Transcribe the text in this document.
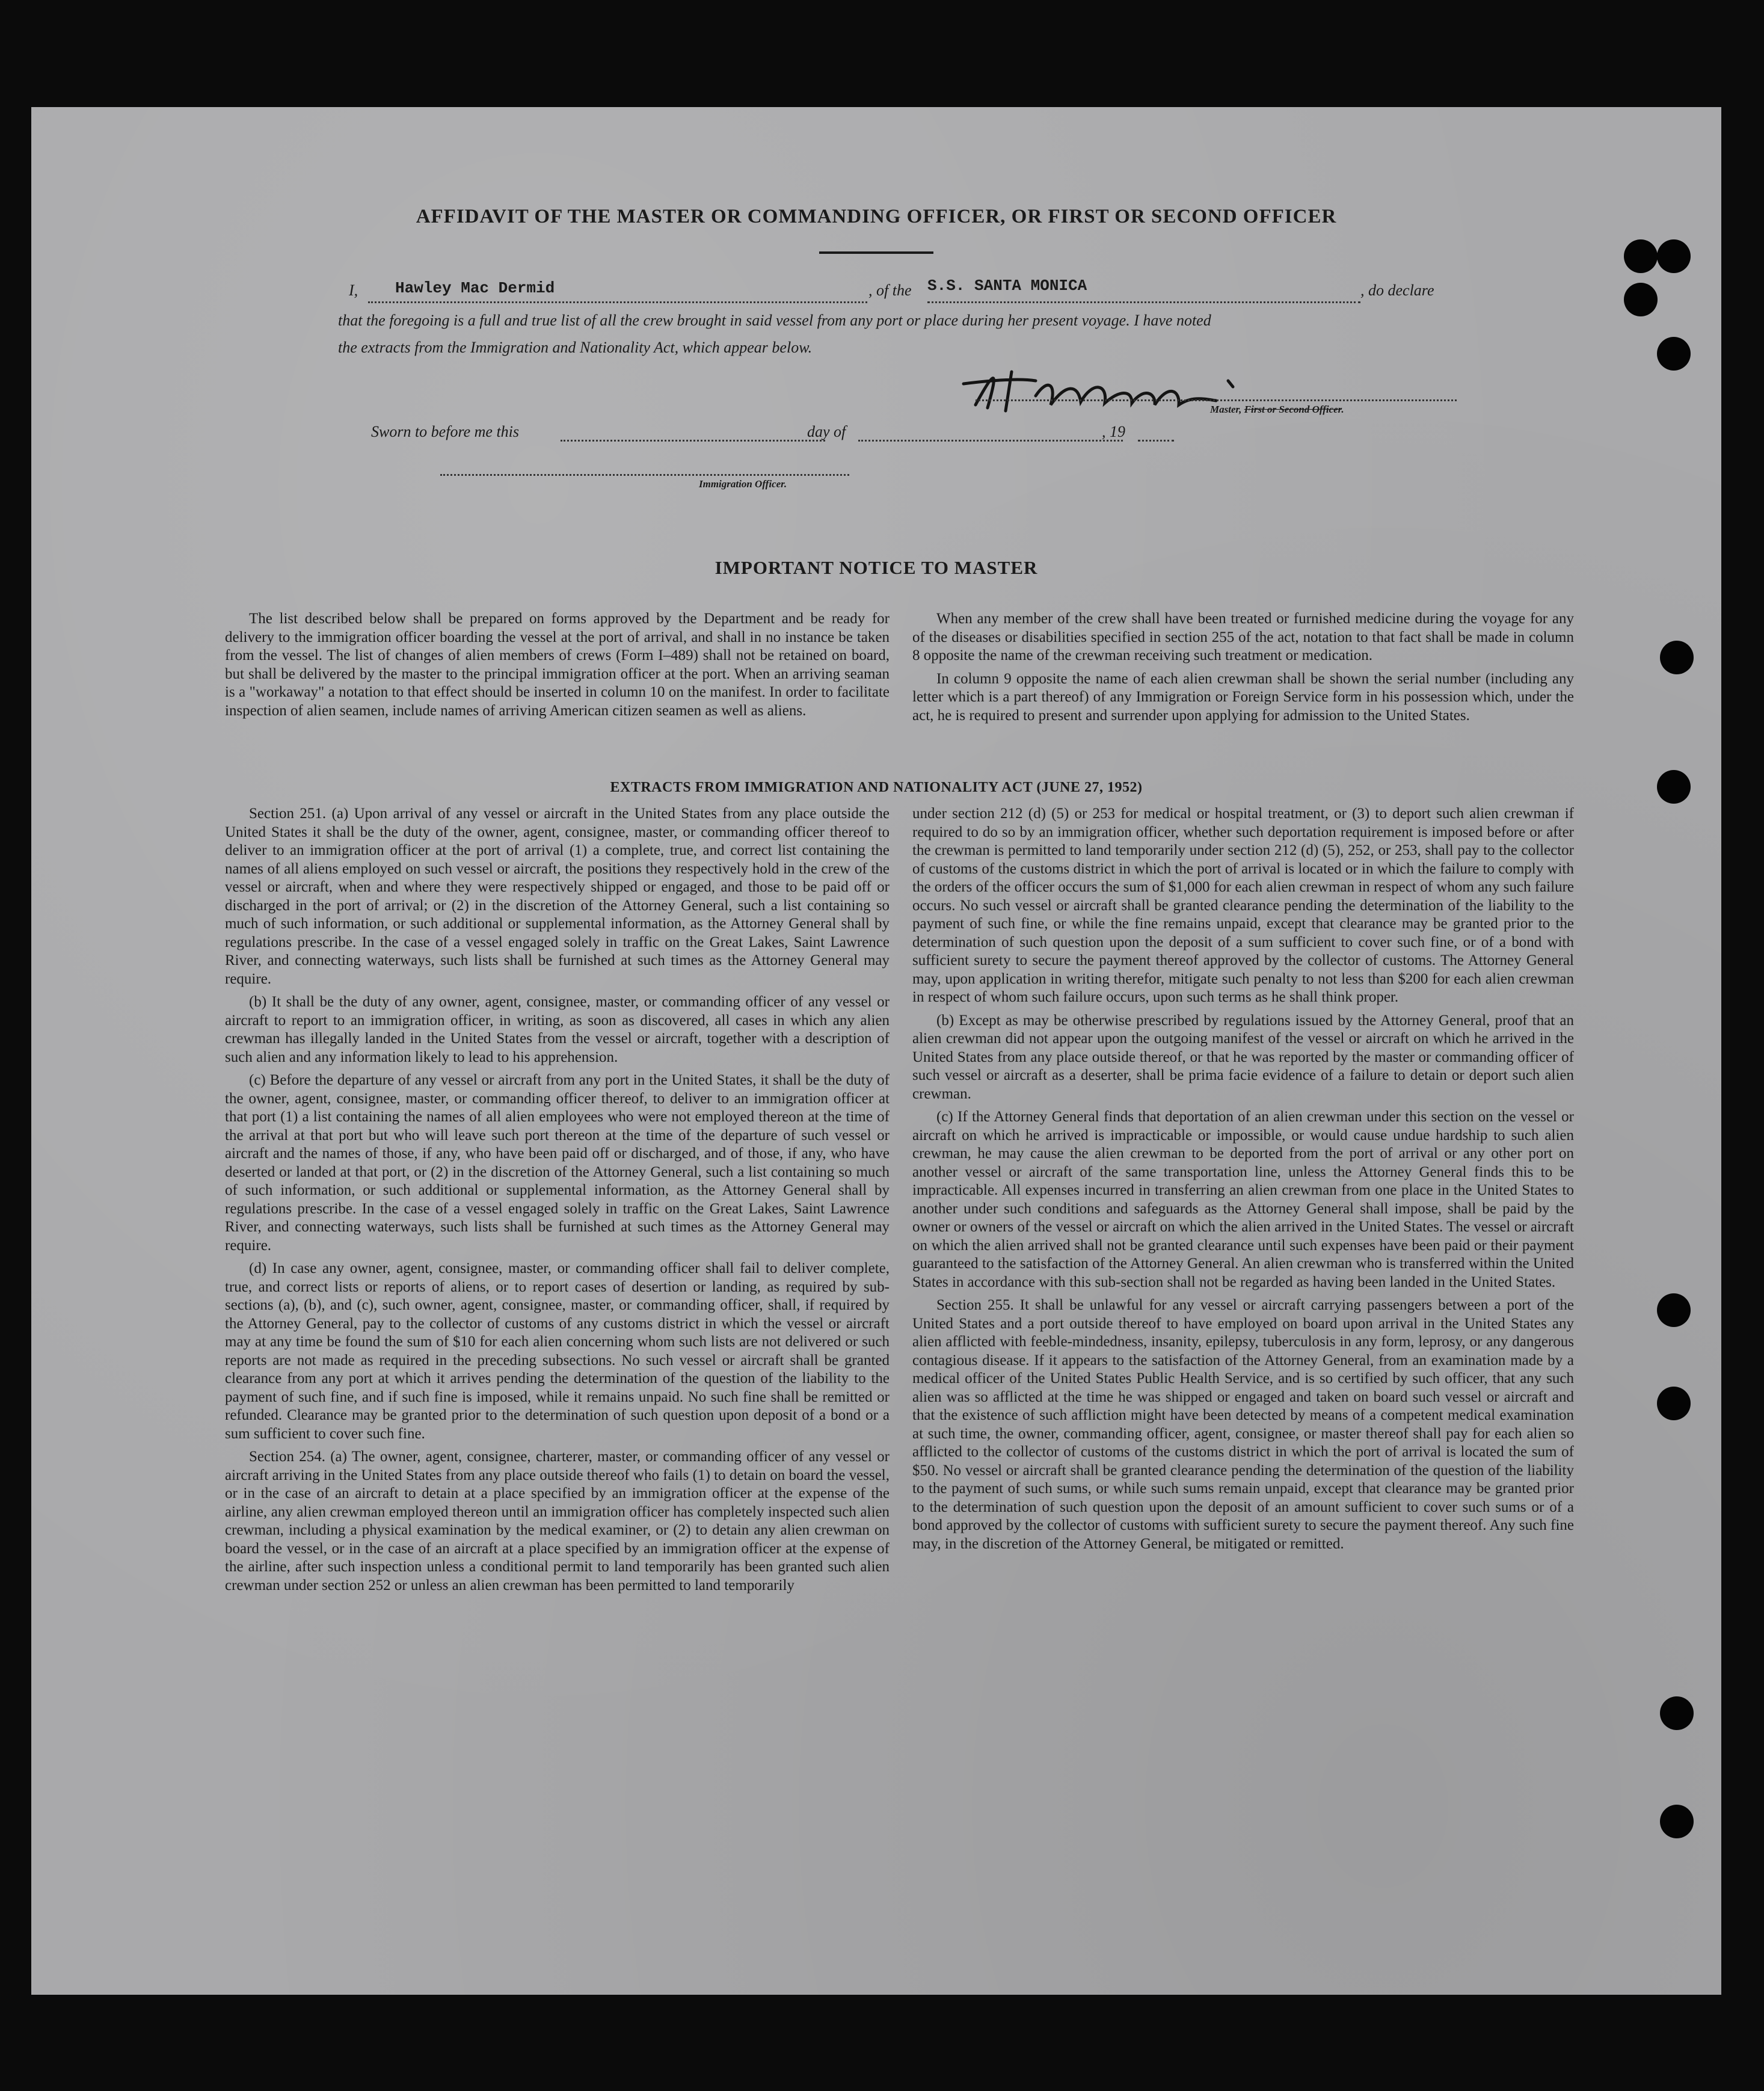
AFFIDAVIT OF THE MASTER OR COMMANDING OFFICER, OR FIRST OR SECOND OFFICER
I, Hawley Mac Dermid	, of the S.S. SANTA MONICA	, do declare
that the foregoing is a full and true list of all the crew brought in said vessel from any port or place during her present voyage. I have noted
the extracts from the Immigration and Nationality Act, which appear below.
Master, First or Second Officer.
Sworn to before me this	day of	, 19
Immigration Officer.
IMPORTANT NOTICE TO MASTER

The list described below shall be prepared on forms approved by the Department and be ready for delivery to the immigration officer boarding the vessel at the port of arrival, and shall in no instance be taken from the vessel. The list of changes of alien members of crews (Form I–489) shall not be retained on board, but shall be delivered by the master to the principal immigration officer at the port. When an arriving seaman is a "workaway" a notation to that effect should be inserted in column 10 on the manifest. In order to facilitate inspection of alien seamen, include names of arriving American citizen seamen as well as aliens.

When any member of the crew shall have been treated or furnished medicine during the voyage for any of the diseases or disabilities specified in section 255 of the act, notation to that fact shall be made in column 8 opposite the name of the crewman receiving such treatment or medication.

In column 9 opposite the name of each alien crewman shall be shown the serial number (including any letter which is a part thereof) of any Immigration or Foreign Service form in his possession which, under the act, he is required to present and surrender upon applying for admission to the United States.

EXTRACTS FROM IMMIGRATION AND NATIONALITY ACT (JUNE 27, 1952)

Section 251. (a) Upon arrival of any vessel or aircraft in the United States from any place outside the United States it shall be the duty of the owner, agent, consignee, master, or commanding officer thereof to deliver to an immigration officer at the port of arrival (1) a complete, true, and correct list containing the names of all aliens employed on such vessel or aircraft, the positions they respectively hold in the crew of the vessel or aircraft, when and where they were respectively shipped or engaged, and those to be paid off or discharged in the port of arrival; or (2) in the discretion of the Attorney General, such a list containing so much of such information, or such additional or supplemental information, as the Attorney General shall by regulations prescribe. In the case of a vessel engaged solely in traffic on the Great Lakes, Saint Lawrence River, and connecting waterways, such lists shall be furnished at such times as the Attorney General may require.

(b) It shall be the duty of any owner, agent, consignee, master, or commanding officer of any vessel or aircraft to report to an immigration officer, in writing, as soon as discovered, all cases in which any alien crewman has illegally landed in the United States from the vessel or aircraft, together with a description of such alien and any information likely to lead to his apprehension.

(c) Before the departure of any vessel or aircraft from any port in the United States, it shall be the duty of the owner, agent, consignee, master, or commanding officer thereof, to deliver to an immigration officer at that port (1) a list containing the names of all alien employees who were not employed thereon at the time of the arrival at that port but who will leave such port thereon at the time of the departure of such vessel or aircraft and the names of those, if any, who have been paid off or discharged, and of those, if any, who have deserted or landed at that port, or (2) in the discretion of the Attorney General, such a list containing so much of such information, or such additional or supplemental information, as the Attorney General shall by regulations prescribe. In the case of a vessel engaged solely in traffic on the Great Lakes, Saint Lawrence River, and connecting waterways, such lists shall be furnished at such times as the Attorney General may require.

(d) In case any owner, agent, consignee, master, or commanding officer shall fail to deliver complete, true, and correct lists or reports of aliens, or to report cases of desertion or landing, as required by sub-sections (a), (b), and (c), such owner, agent, consignee, master, or commanding officer, shall, if required by the Attorney General, pay to the collector of customs of any customs district in which the vessel or aircraft may at any time be found the sum of $10 for each alien concerning whom such lists are not delivered or such reports are not made as required in the preceding subsections. No such vessel or aircraft shall be granted clearance from any port at which it arrives pending the determination of the question of the liability to the payment of such fine, and if such fine is imposed, while it remains unpaid. No such fine shall be remitted or refunded. Clearance may be granted prior to the determination of such question upon deposit of a bond or a sum sufficient to cover such fine.

Section 254. (a) The owner, agent, consignee, charterer, master, or commanding officer of any vessel or aircraft arriving in the United States from any place outside thereof who fails (1) to detain on board the vessel, or in the case of an aircraft to detain at a place specified by an immigration officer at the expense of the airline, any alien crewman employed thereon until an immigration officer has completely inspected such alien crewman, including a physical examination by the medical examiner, or (2) to detain any alien crewman on board the vessel, or in the case of an aircraft at a place specified by an immigration officer at the expense of the airline, after such inspection unless a conditional permit to land temporarily has been granted such alien crewman under section 252 or unless an alien crewman has been permitted to land temporarily

under section 212 (d) (5) or 253 for medical or hospital treatment, or (3) to deport such alien crewman if required to do so by an immigration officer, whether such deportation requirement is imposed before or after the crewman is permitted to land temporarily under section 212 (d) (5), 252, or 253, shall pay to the collector of customs of the customs district in which the port of arrival is located or in which the failure to comply with the orders of the officer occurs the sum of $1,000 for each alien crewman in respect of whom any such failure occurs. No such vessel or aircraft shall be granted clearance pending the determination of the liability to the payment of such fine, or while the fine remains unpaid, except that clearance may be granted prior to the determination of such question upon the deposit of a sum sufficient to cover such fine, or of a bond with sufficient surety to secure the payment thereof approved by the collector of customs. The Attorney General may, upon application in writing therefor, mitigate such penalty to not less than $200 for each alien crewman in respect of whom such failure occurs, upon such terms as he shall think proper.

(b) Except as may be otherwise prescribed by regulations issued by the Attorney General, proof that an alien crewman did not appear upon the outgoing manifest of the vessel or aircraft on which he arrived in the United States from any place outside thereof, or that he was reported by the master or commanding officer of such vessel or aircraft as a deserter, shall be prima facie evidence of a failure to detain or deport such alien crewman.

(c) If the Attorney General finds that deportation of an alien crewman under this section on the vessel or aircraft on which he arrived is impracticable or impossible, or would cause undue hardship to such alien crewman, he may cause the alien crewman to be deported from the port of arrival or any other port on another vessel or aircraft of the same transportation line, unless the Attorney General finds this to be impracticable. All expenses incurred in transferring an alien crewman from one place in the United States to another under such conditions and safeguards as the Attorney General shall impose, shall be paid by the owner or owners of the vessel or aircraft on which the alien arrived in the United States. The vessel or aircraft on which the alien arrived shall not be granted clearance until such expenses have been paid or their payment guaranteed to the satisfaction of the Attorney General. An alien crewman who is transferred within the United States in accordance with this sub-section shall not be regarded as having been landed in the United States.

Section 255. It shall be unlawful for any vessel or aircraft carrying passengers between a port of the United States and a port outside thereof to have employed on board upon arrival in the United States any alien afflicted with feeble-mindedness, insanity, epilepsy, tuberculosis in any form, leprosy, or any dangerous contagious disease. If it appears to the satisfaction of the Attorney General, from an examination made by a medical officer of the United States Public Health Service, and is so certified by such officer, that any such alien was so afflicted at the time he was shipped or engaged and taken on board such vessel or aircraft and that the existence of such affliction might have been detected by means of a competent medical examination at such time, the owner, commanding officer, agent, consignee, or master thereof shall pay for each alien so afflicted to the collector of customs of the customs district in which the port of arrival is located the sum of $50. No vessel or aircraft shall be granted clearance pending the determination of the question of the liability to the payment of such sums, or while such sums remain unpaid, except that clearance may be granted prior to the determination of such question upon the deposit of an amount sufficient to cover such sums or of a bond approved by the collector of customs with sufficient surety to secure the payment thereof. Any such fine may, in the discretion of the Attorney General, be mitigated or remitted.
